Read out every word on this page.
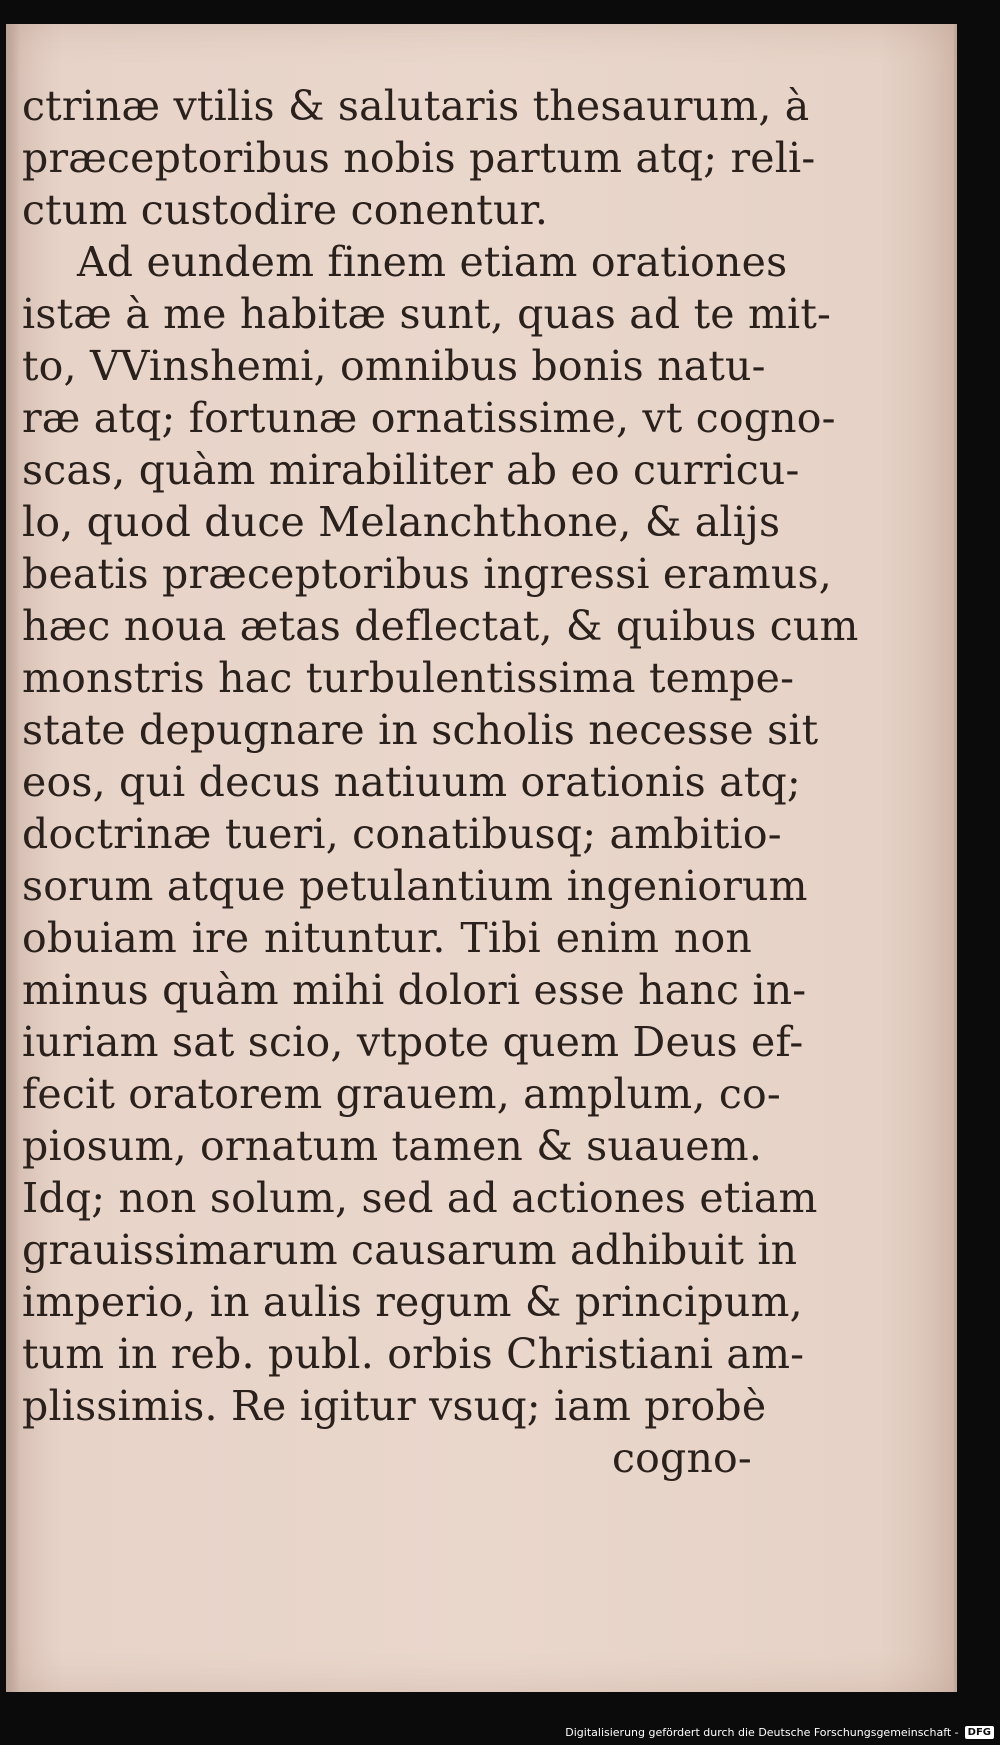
ctrinæ vtilis & salutaris thesaurum, à
præceptoribus nobis partum atq; reli-
ctum custodire conentur.
Ad eundem finem etiam orationes
istæ à me habitæ sunt, quas ad te mit-
to, VVinshemi, omnibus bonis natu-
ræ atq; fortunæ ornatissime, vt cogno-
scas, quàm mirabiliter ab eo curricu-
lo, quod duce Melanchthone, & alijs
beatis præceptoribus ingressi eramus,
hæc noua ætas deflectat, & quibus cum
monstris hac turbulentissima tempe-
state depugnare in scholis necesse sit
eos, qui decus natiuum orationis atq;
doctrinæ tueri, conatibusq; ambitio-
sorum atque petulantium ingeniorum
obuiam ire nituntur. Tibi enim non
minus quàm mihi dolori esse hanc in-
iuriam sat scio, vtpote quem Deus ef-
fecit oratorem grauem, amplum, co-
piosum, ornatum tamen & suauem.
Idq; non solum, sed ad actiones etiam
grauissimarum causarum adhibuit in
imperio, in aulis regum & principum,
tum in reb. publ. orbis Christiani am-
plissimis. Re igitur vsuq; iam probè
cogno-
Digitalisierung gefördert durch die Deutsche Forschungsgemeinschaft - DFG
